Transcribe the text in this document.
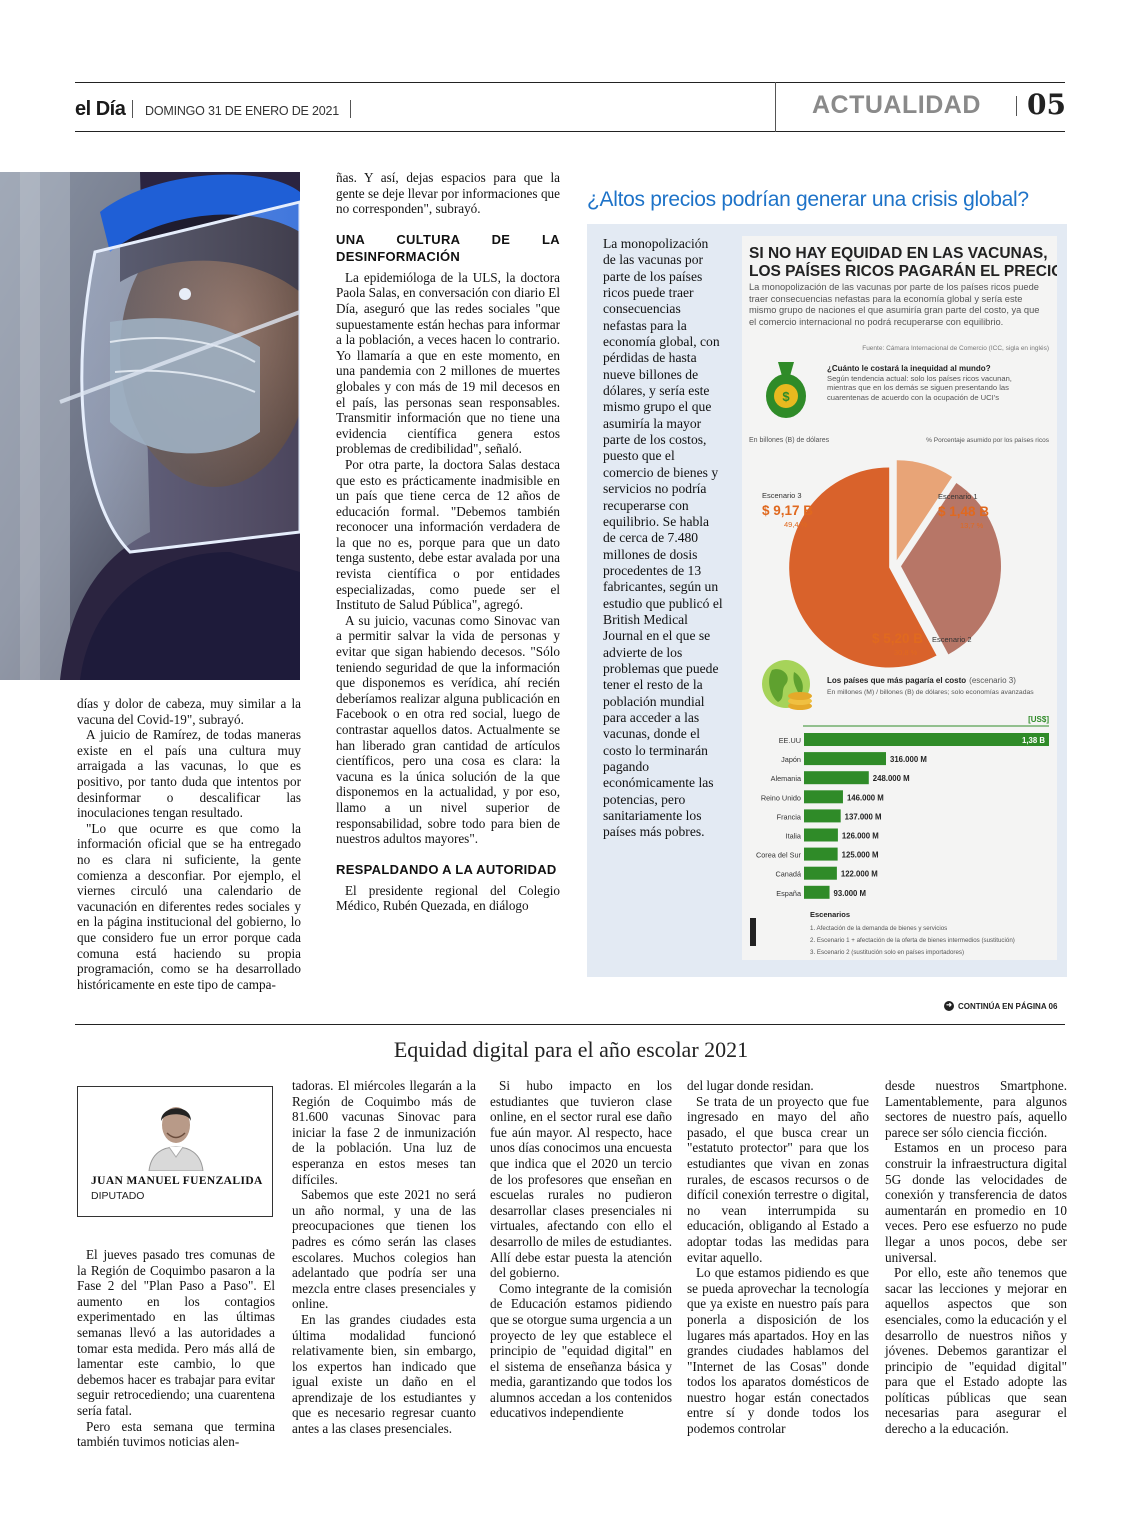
el Día DOMINGO 31 DE ENERO DE 2021	ACTUALIDAD 05

días y dolor de cabeza, muy similar a la vacuna del Covid-19", subrayó.

A juicio de Ramírez, de todas maneras existe en el país una cultura muy arraigada a las vacunas, lo que es positivo, por tanto duda que intentos por desinformar o descalificar las inoculaciones tengan resultado.

"Lo que ocurre es que como la información oficial que se ha entregado no es clara ni suficiente, la gente comienza a desconfiar. Por ejemplo, el viernes circuló una calendario de vacunación en diferentes redes sociales y en la página institucional del gobierno, lo que considero fue un error porque cada comuna está haciendo su propia programación, como se ha desarrollado históricamente en este tipo de campa-

ñas. Y así, dejas espacios para que la gente se deje llevar por informaciones que no corresponden", subrayó.

UNA CULTURA DE LA DESINFORMACIÓN

La epidemióloga de la ULS, la doctora Paola Salas, en conversación con diario El Día, aseguró que las redes sociales "que supuestamente están hechas para informar a la población, a veces hacen lo contrario. Yo llamaría a que en este momento, en una pandemia con 2 millones de muertes globales y con más de 19 mil decesos en el país, las personas sean responsables. Transmitir información que no tiene una evidencia científica genera estos problemas de credibilidad", señaló.

Por otra parte, la doctora Salas destaca que esto es prácticamente inadmisible en un país que tiene cerca de 12 años de educación formal. "Debemos también reconocer una información verdadera de la que no es, porque para que un dato tenga sustento, debe estar avalada por una revista científica o por entidades especializadas, como puede ser el Instituto de Salud Pública", agregó.

A su juicio, vacunas como Sinovac van a permitir salvar la vida de personas y evitar que sigan habiendo decesos. "Sólo teniendo seguridad de que la información que disponemos es verídica, ahí recién deberíamos realizar alguna publicación en Facebook o en otra red social, luego de contrastar aquellos datos. Actualmente se han liberado gran cantidad de artículos científicos, pero una cosa es clara: la vacuna es la única solución de la que disponemos en la actualidad, y por eso, llamo a un nivel superior de responsabilidad, sobre todo para bien de nuestros adultos mayores".

RESPALDANDO A LA AUTORIDAD

El presidente regional del Colegio Médico, Rubén Quezada, en diálogo

¿Altos precios podrían generar una crisis global?
La monopolización de las vacunas por parte de los países ricos puede traer consecuencias nefastas para la economía global, con pérdidas de hasta nueve billones de dólares, y sería este mismo grupo el que asumiría la mayor parte de los costos, puesto que el comercio de bienes y servicios no podría recuperarse con equilibrio. Se habla de cerca de 7.480 millones de dosis procedentes de 13 fabricantes, según un estudio que publicó el British Medical Journal en el que se advierte de los problemas que puede tener el resto de la población mundial para acceder a las vacunas, donde el costo lo terminarán pagando económicamente las potencias, pero sanitariamente los países más pobres.
SI NO HAY EQUIDAD EN LAS VACUNAS,
LOS PAÍSES RICOS PAGARÁN EL PRECIO
La monopolización de las vacunas por parte de los países ricos puede traer consecuencias nefastas para la economía global y sería este mismo grupo de naciones el que asumiría gran parte del costo, ya que el comercio internacional no podrá recuperarse con equilibrio.
Fuente: Cámara Internacional de Comercio (ICC, sigla en inglés)
$
¿Cuánto le costará la inequidad al mundo?
Según tendencia actual: solo los países ricos vacunan, mientras que en los demás se siguen presentando las cuarentenas de acuerdo con la ocupación de UCI's
En billones (B) de dólares	% Porcentaje asumido por los países ricos
Escenario 1
$ 1,48 B
13,7 %
Escenario 2
$ 5,20 B
30,8 %
Escenario 3
$ 9,17 B
49,4 %
Los países que más pagaría el costo (escenario 3)
En millones (M) / billones (B) de dólares; solo economías avanzadas
[US$]
EE.UU	1,38 B
Japón	316.000 M
Alemania	248.000 M
Reino Unido	146.000 M
Francia	137.000 M
Italia	126.000 M
Corea del Sur	125.000 M
Canadá	122.000 M
España	93.000 M
Escenarios
1. Afectación de la demanda de bienes y servicios
2. Escenario 1 + afectación de la oferta de bienes intermedios (sustitución)
3. Escenario 2 (sustitución solo en países importadores)
➜ CONTINÚA EN PÁGINA 06
Equidad digital para el año escolar 2021
JUAN MANUEL FUENZALIDA
DIPUTADO

El jueves pasado tres comunas de la Región de Coquimbo pasaron a la Fase 2 del "Plan Paso a Paso". El aumento en los contagios experimentado en las últimas semanas llevó a las autoridades a tomar esta medida. Pero más allá de lamentar este cambio, lo que debemos hacer es trabajar para evitar seguir retrocediendo; una cuarentena sería fatal.

Pero esta semana que termina también tuvimos noticias alen-

tadoras. El miércoles llegarán a la Región de Coquimbo más de 81.600 vacunas Sinovac para iniciar la fase 2 de inmunización de la población. Una luz de esperanza en estos meses tan difíciles.

Sabemos que este 2021 no será un año normal, y una de las preocupaciones que tienen los padres es cómo serán las clases escolares. Muchos colegios han adelantado que podría ser una mezcla entre clases presenciales y online.

En las grandes ciudades esta última modalidad funcionó relativamente bien, sin embargo, los expertos han indicado que igual existe un daño en el aprendizaje de los estudiantes y que es necesario regresar cuanto antes a las clases presenciales.

Si hubo impacto en los estudiantes que tuvieron clase online, en el sector rural ese daño fue aún mayor. Al respecto, hace unos días conocimos una encuesta que indica que el 2020 un tercio de los profesores que enseñan en escuelas rurales no pudieron desarrollar clases presenciales ni virtuales, afectando con ello el desarrollo de miles de estudiantes. Allí debe estar puesta la atención del gobierno.

Como integrante de la comisión de Educación estamos pidiendo que se otorgue suma urgencia a un proyecto de ley que establece el principio de "equidad digital" en el sistema de enseñanza básica y media, garantizando que todos los alumnos accedan a los contenidos educativos independiente

del lugar donde residan.

Se trata de un proyecto que fue ingresado en mayo del año pasado, el que busca crear un "estatuto protector" para que los estudiantes que vivan en zonas rurales, de escasos recursos o de difícil conexión terrestre o digital, no vean interrumpida su educación, obligando al Estado a adoptar todas las medidas para evitar aquello.

Lo que estamos pidiendo es que se pueda aprovechar la tecnología que ya existe en nuestro país para ponerla a disposición de los lugares más apartados. Hoy en las grandes ciudades hablamos del "Internet de las Cosas" donde todos los aparatos domésticos de nuestro hogar están conectados entre sí y donde todos los podemos controlar

desde nuestros Smartphone. Lamentablemente, para algunos sectores de nuestro país, aquello parece ser sólo ciencia ficción.

Estamos en un proceso para construir la infraestructura digital 5G donde las velocidades de conexión y transferencia de datos aumentarán en promedio en 10 veces. Pero ese esfuerzo no pude llegar a unos pocos, debe ser universal.

Por ello, este año tenemos que sacar las lecciones y mejorar en aquellos aspectos que son esenciales, como la educación y el desarrollo de nuestros niños y jóvenes. Debemos garantizar el principio de "equidad digital" para que el Estado adopte las políticas públicas que sean necesarias para asegurar el derecho a la educación.
